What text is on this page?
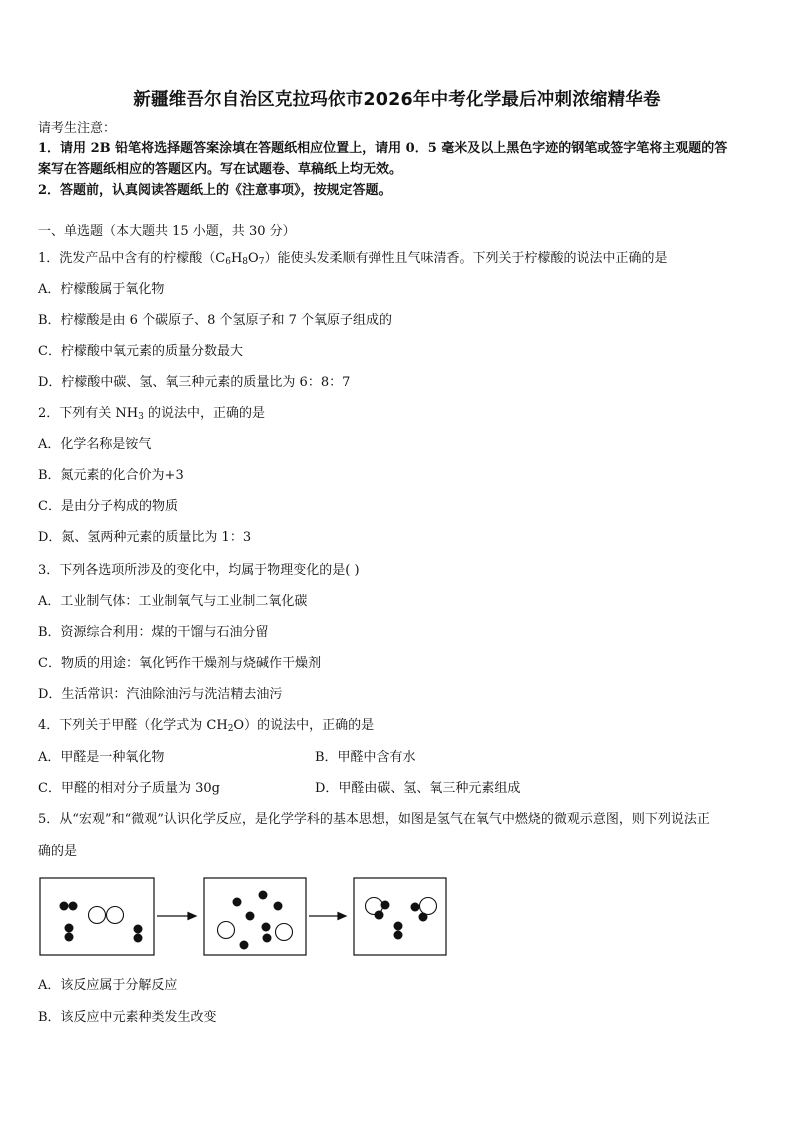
新疆维吾尔自治区克拉玛依市2026年中考化学最后冲刺浓缩精华卷
请考生注意：
1．请用 2B 铅笔将选择题答案涂填在答题纸相应位置上，请用 0．5 毫米及以上黑色字迹的钢笔或签字笔将主观题的答
案写在答题纸相应的答题区内。写在试题卷、草稿纸上均无效。
2．答题前，认真阅读答题纸上的《注意事项》，按规定答题。
一、单选题（本大题共 15 小题，共 30 分）
1．洗发产品中含有的柠檬酸$(C_6H_8O_7)$能使头发柔顺有弹性且气味清香。下列关于柠檬酸的说法中正确的是
A．柠檬酸属于氧化物
B．柠檬酸是由 6 个碳原子、8 个氢原子和 7 个氧原子组成的
C．柠檬酸中氧元素的质量分数最大
D．柠檬酸中碳、氢、氧三种元素的质量比为 6：8：7
2．下列有关 $NH_3$ 的说法中，正确的是
A．化学名称是铵气
B．氮元素的化合价为+3
C．是由分子构成的物质
D．氮、氢两种元素的质量比为 1：3
3．下列各选项所涉及的变化中，均属于物理变化的是( )
A．工业制气体：工业制氧气与工业制二氧化碳
B．资源综合利用：煤的干馏与石油分留
C．物质的用途：氧化钙作干燥剂与烧碱作干燥剂
D．生活常识：汽油除油污与洗洁精去油污
4．下列关于甲醛（化学式为 $CH_2O$）的说法中，正确的是
A．甲醛是一种氧化物	B．甲醛中含有水
C．甲醛的相对分子质量为 30g	D．甲醛由碳、氢、氧三种元素组成
5．从“宏观”和“微观”认识化学反应，是化学学科的基本思想，如图是氢气在氧气中燃烧的微观示意图，则下列说法正
确的是
A．该反应属于分解反应
B．该反应中元素种类发生改变
